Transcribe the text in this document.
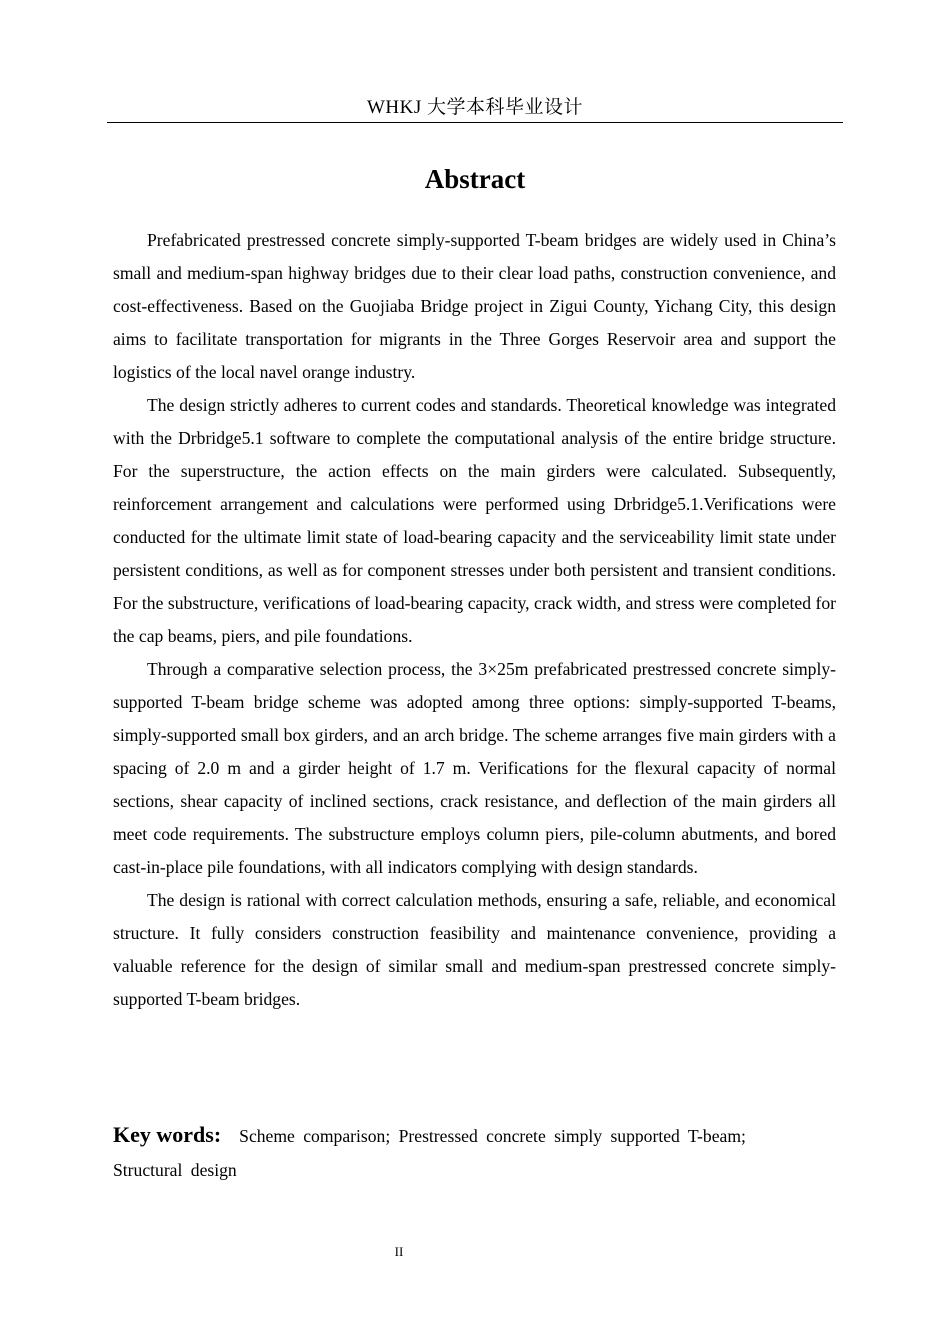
WHKJ 大学本科毕业设计
Abstract

Prefabricated prestressed concrete simply-supported T-beam bridges are widely used in China’s small and medium-span highway bridges due to their clear load paths, construction convenience, and cost-effectiveness. Based on the Guojiaba Bridge project in Zigui County, Yichang City, this design aims to facilitate transportation for migrants in the Three Gorges Reservoir area and support the logistics of the local navel orange industry.

The design strictly adheres to current codes and standards. Theoretical knowledge was integrated with the Drbridge5.1 software to complete the computational analysis of the entire bridge structure. For the superstructure, the action effects on the main girders were calculated. Subsequently, reinforcement arrangement and calculations were performed using Drbridge5.1.Verifications were conducted for the ultimate limit state of load-bearing capacity and the serviceability limit state under persistent conditions, as well as for component stresses under both persistent and transient conditions. For the substructure, verifications of load-bearing capacity, crack width, and stress were completed for the cap beams, piers, and pile foundations.

Through a comparative selection process, the 3×25m prefabricated prestressed concrete simply-supported T-beam bridge scheme was adopted among three options: simply-supported T-beams, simply-supported small box girders, and an arch bridge. The scheme arranges five main girders with a spacing of 2.0 m and a girder height of 1.7 m. Verifications for the flexural capacity of normal sections, shear capacity of inclined sections, crack resistance, and deflection of the main girders all meet code requirements. The substructure employs column piers, pile-column abutments, and bored cast-in-place pile foundations, with all indicators complying with design standards.

The design is rational with correct calculation methods, ensuring a safe, reliable, and economical structure. It fully considers construction feasibility and maintenance convenience, providing a valuable reference for the design of similar small and medium-span prestressed concrete simply-supported T-beam bridges.

Key words: Scheme comparison; Prestressed concrete simply supported T-beam; Structural design
II
